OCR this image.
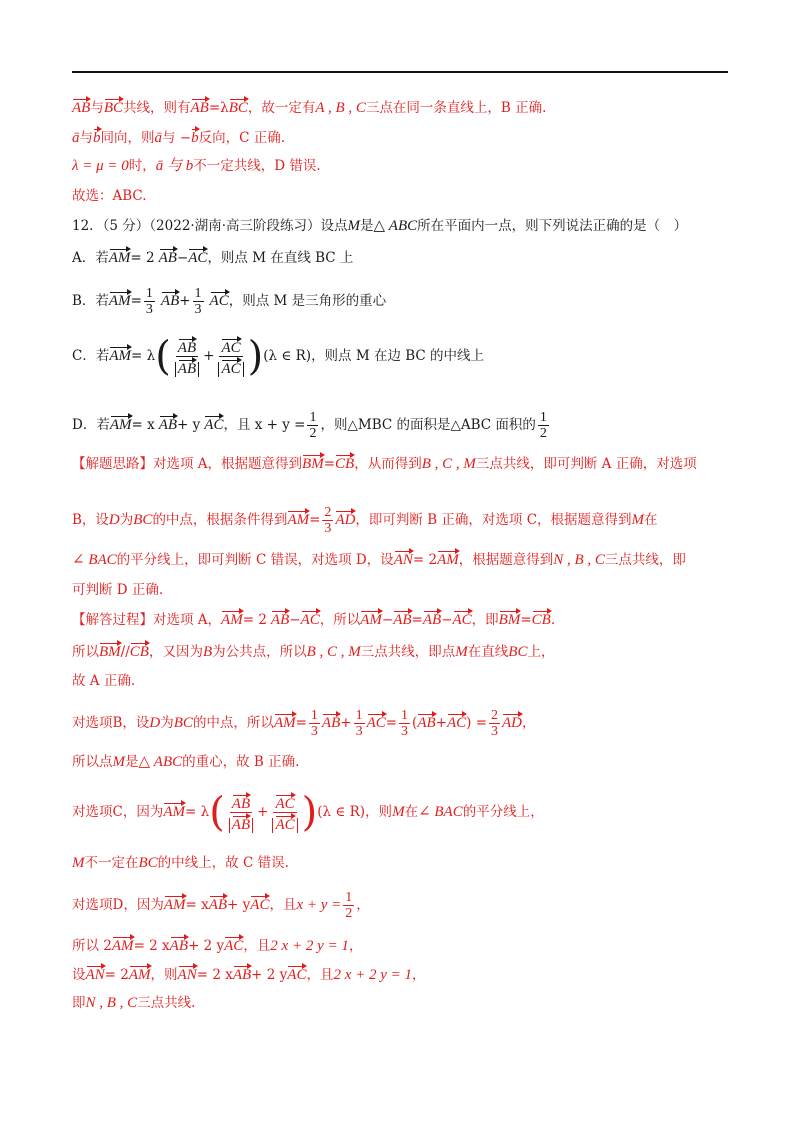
AB与BC共线，则有AB=λBC，故一定有A , B , C三点在同一条直线上，B 正确.
ā与b同向，则ā与 −b反向，C 正确.
λ = μ = 0时，ā 与 b不一定共线，D 错误.
故选：ABC.
12．（5 分）（2022·湖南·高三阶段练习）设点M是△ ABC所在平面内一点，则下列说法正确的是（　）
A．若AM= 2 AB−AC，则点 M 在直线 BC 上
B．若$AM= \frac{1}{3} AB+ \frac{1}{3}$ AC，则点 M 是三角形的重心
C．若$AM= \lambda( \frac{AB}{AB} + \frac{AC}{AC} )(\lambda$ ∈ R)，则点 M 在边 BC 的中线上
D．若AM= x AB+ y AC，且 $x + y = \frac{1}{2}$ ，则△MBC 的面积是△ABC 面积的 $\frac{1}{2}$
【解题思路】对选项 A，根据题意得到BM=CB，从而得到B , C , M三点共线，即可判断 A 正确，对选项
B，设D为BC的中点，根据条件得到$AM= \frac{2}{3}$ AD，即可判断 B 正确，对选项 C，根据题意得到M在
∠ BAC的平分线上，即可判断 C 错误，对选项 D，设AN= 2AM，根据题意得到N , B , C三点共线，即
可判断 D 正确.
【解答过程】对选项 A，AM= 2 AB−AC，所以AM−AB=AB−AC，即BM=CB.
所以BM//CB，又因为B为公共点，所以B , C , M三点共线，即点M在直线BC上，
故 A 正确.
对选项B，设D为BC的中点，所以$AM= \frac{1}{3} AB+ \frac{1}{3} AC= \frac{1}{3} (AB+AC) = \frac{2}{3}$ AD，
所以点M是△ ABC的重心，故 B 正确.
对选项C，因为$AM= \lambda( \frac{AB}{AB} + \frac{AC}{AC} )(\lambda$ ∈ R)，则M在∠ BAC的平分线上，
M不一定在BC的中线上，故 C 错误.
对选项D，因为AM= xAB+ yAC，且$x + y = \frac{1}{2}$ ，
所以 2AM= 2 xAB+ 2 yAC，且2 x + 2 y = 1，
设AN= 2AM，则AN= 2 xAB+ 2 yAC，且2 x + 2 y = 1，
即N , B , C三点共线.
